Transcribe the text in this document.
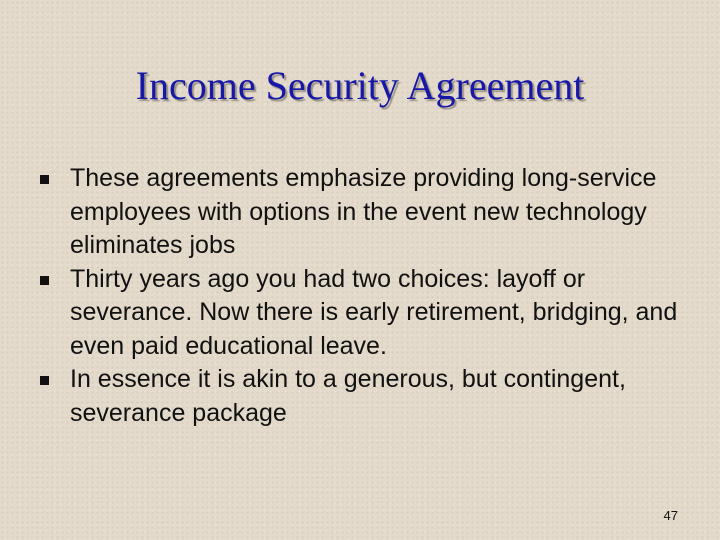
Income Security Agreement
These agreements emphasize providing long-service employees with options in the event new technology eliminates jobs
Thirty years ago you had two choices: layoff or severance. Now there is early retirement, bridging, and even paid educational leave.
In essence it is akin to a generous, but contingent, severance package
47
